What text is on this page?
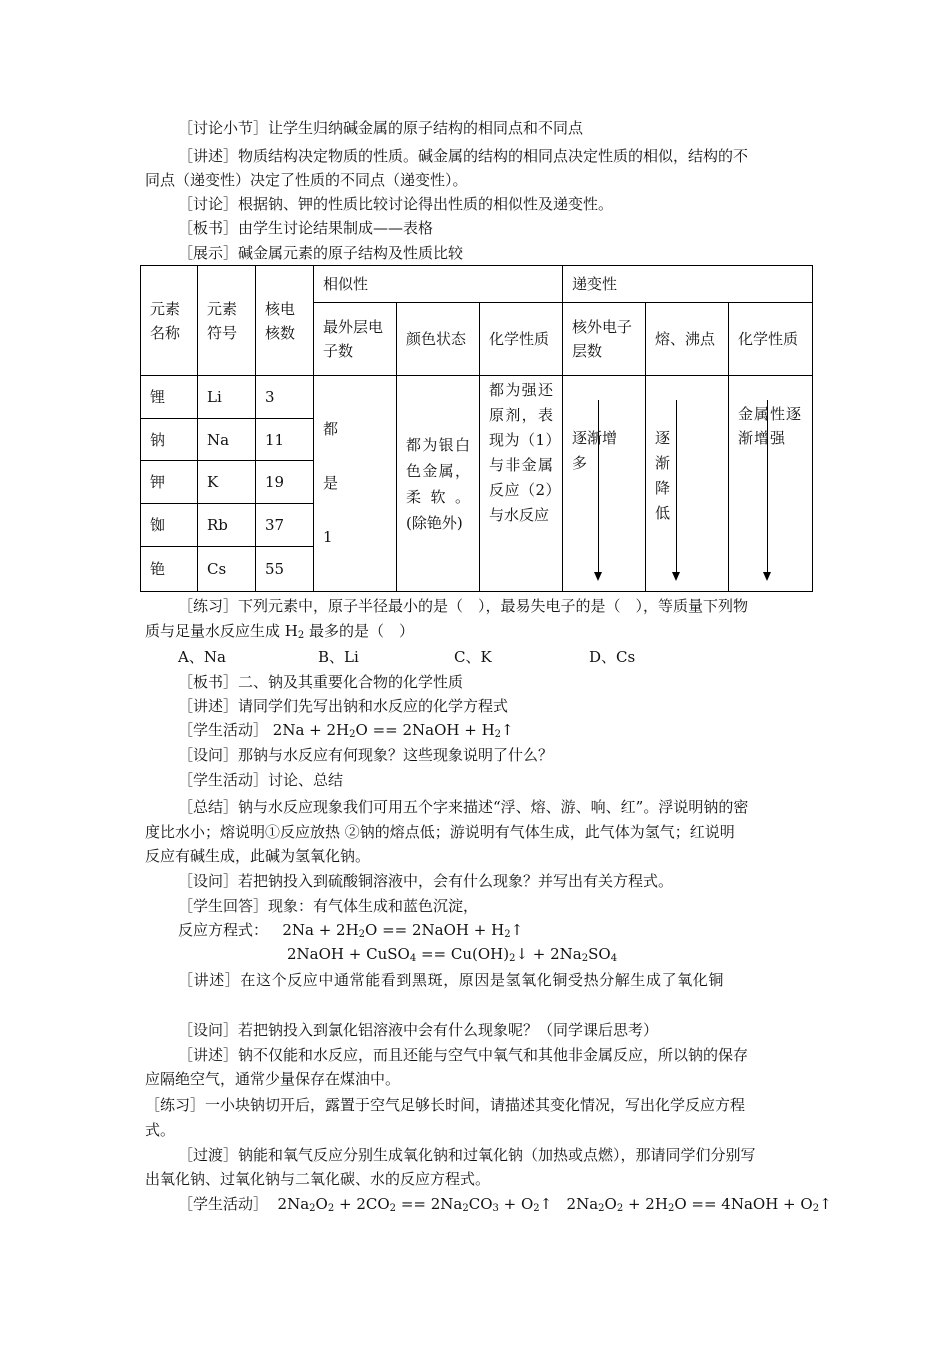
［讨论小节］让学生归纳碱金属的原子结构的相同点和不同点
［讲述］物质结构决定物质的性质。碱金属的结构的相同点决定性质的相似，结构的不
同点（递变性）决定了性质的不同点（递变性）。
［讨论］根据钠、钾的性质比较讨论得出性质的相似性及递变性。
［板书］由学生讨论结果制成——表格
［展示］碱金属元素的原子结构及性质比较
元素名称	元素符号	核电核数	相似性			递变性		
			最外层电子数	颜色状态	化学性质	核外电子层数	熔、沸点	化学性质
锂	Li	3	都
是
1	都为银白色金属，柔软。(除铯外)	都为强还原剂，表现为（1）与非金属反应（2）与水反应	逐渐增多	逐渐降低	金属性逐渐增强

钠	Na	11						
钾	K	19						
铷	Rb	37						
铯	Cs	55						
［练习］下列元素中，原子半径最小的是（　），最易失电子的是（　），等质量下列物
质与足量水反应生成 $H_2$ 最多的是（　）
A、Na	B、Li	C、K	D、Cs
［板书］二、钠及其重要化合物的化学性质
［讲述］请同学们先写出钠和水反应的化学方程式
［学生活动］ $2Na + 2H_2O$ == 2NaOH + $H_2↑$
［设问］那钠与水反应有何现象？这些现象说明了什么？
［学生活动］讨论、总结
［总结］钠与水反应现象我们可用五个字来描述“浮、熔、游、响、红”。浮说明钠的密
度比水小；熔说明①反应放热 ②钠的熔点低；游说明有气体生成，此气体为氢气；红说明
反应有碱生成，此碱为氢氧化钠。
［设问］若把钠投入到硫酸铜溶液中，会有什么现象？并写出有关方程式。
［学生回答］现象：有气体生成和蓝色沉淀，
反应方程式：   $2Na + 2H_2O$ == 2NaOH + $H_2↑$
2NaOH + CuSO$_4$ == $Cu(OH)_2↓ + 2Na_2SO_4$
［讲述］在这个反应中通常能看到黑斑，原因是氢氧化铜受热分解生成了氧化铜
［设问］若把钠投入到氯化铝溶液中会有什么现象呢？（同学课后思考）
［讲述］钠不仅能和水反应，而且还能与空气中氧气和其他非金属反应，所以钠的保存
应隔绝空气，通常少量保存在煤油中。
［练习］一小块钠切开后，露置于空气足够长时间，请描述其变化情况，写出化学反应方程
式。
［过渡］钠能和氧气反应分别生成氧化钠和过氧化钠（加热或点燃），那请同学们分别写
出氧化钠、过氧化钠与二氧化碳、水的反应方程式。
［学生活动］  $2Na_2O_2 + 2CO_2 == 2Na_2CO_3$ + $O_2↑$   $2Na_2O_2 + 2H_2O$ == 4NaOH + $O_2↑$
